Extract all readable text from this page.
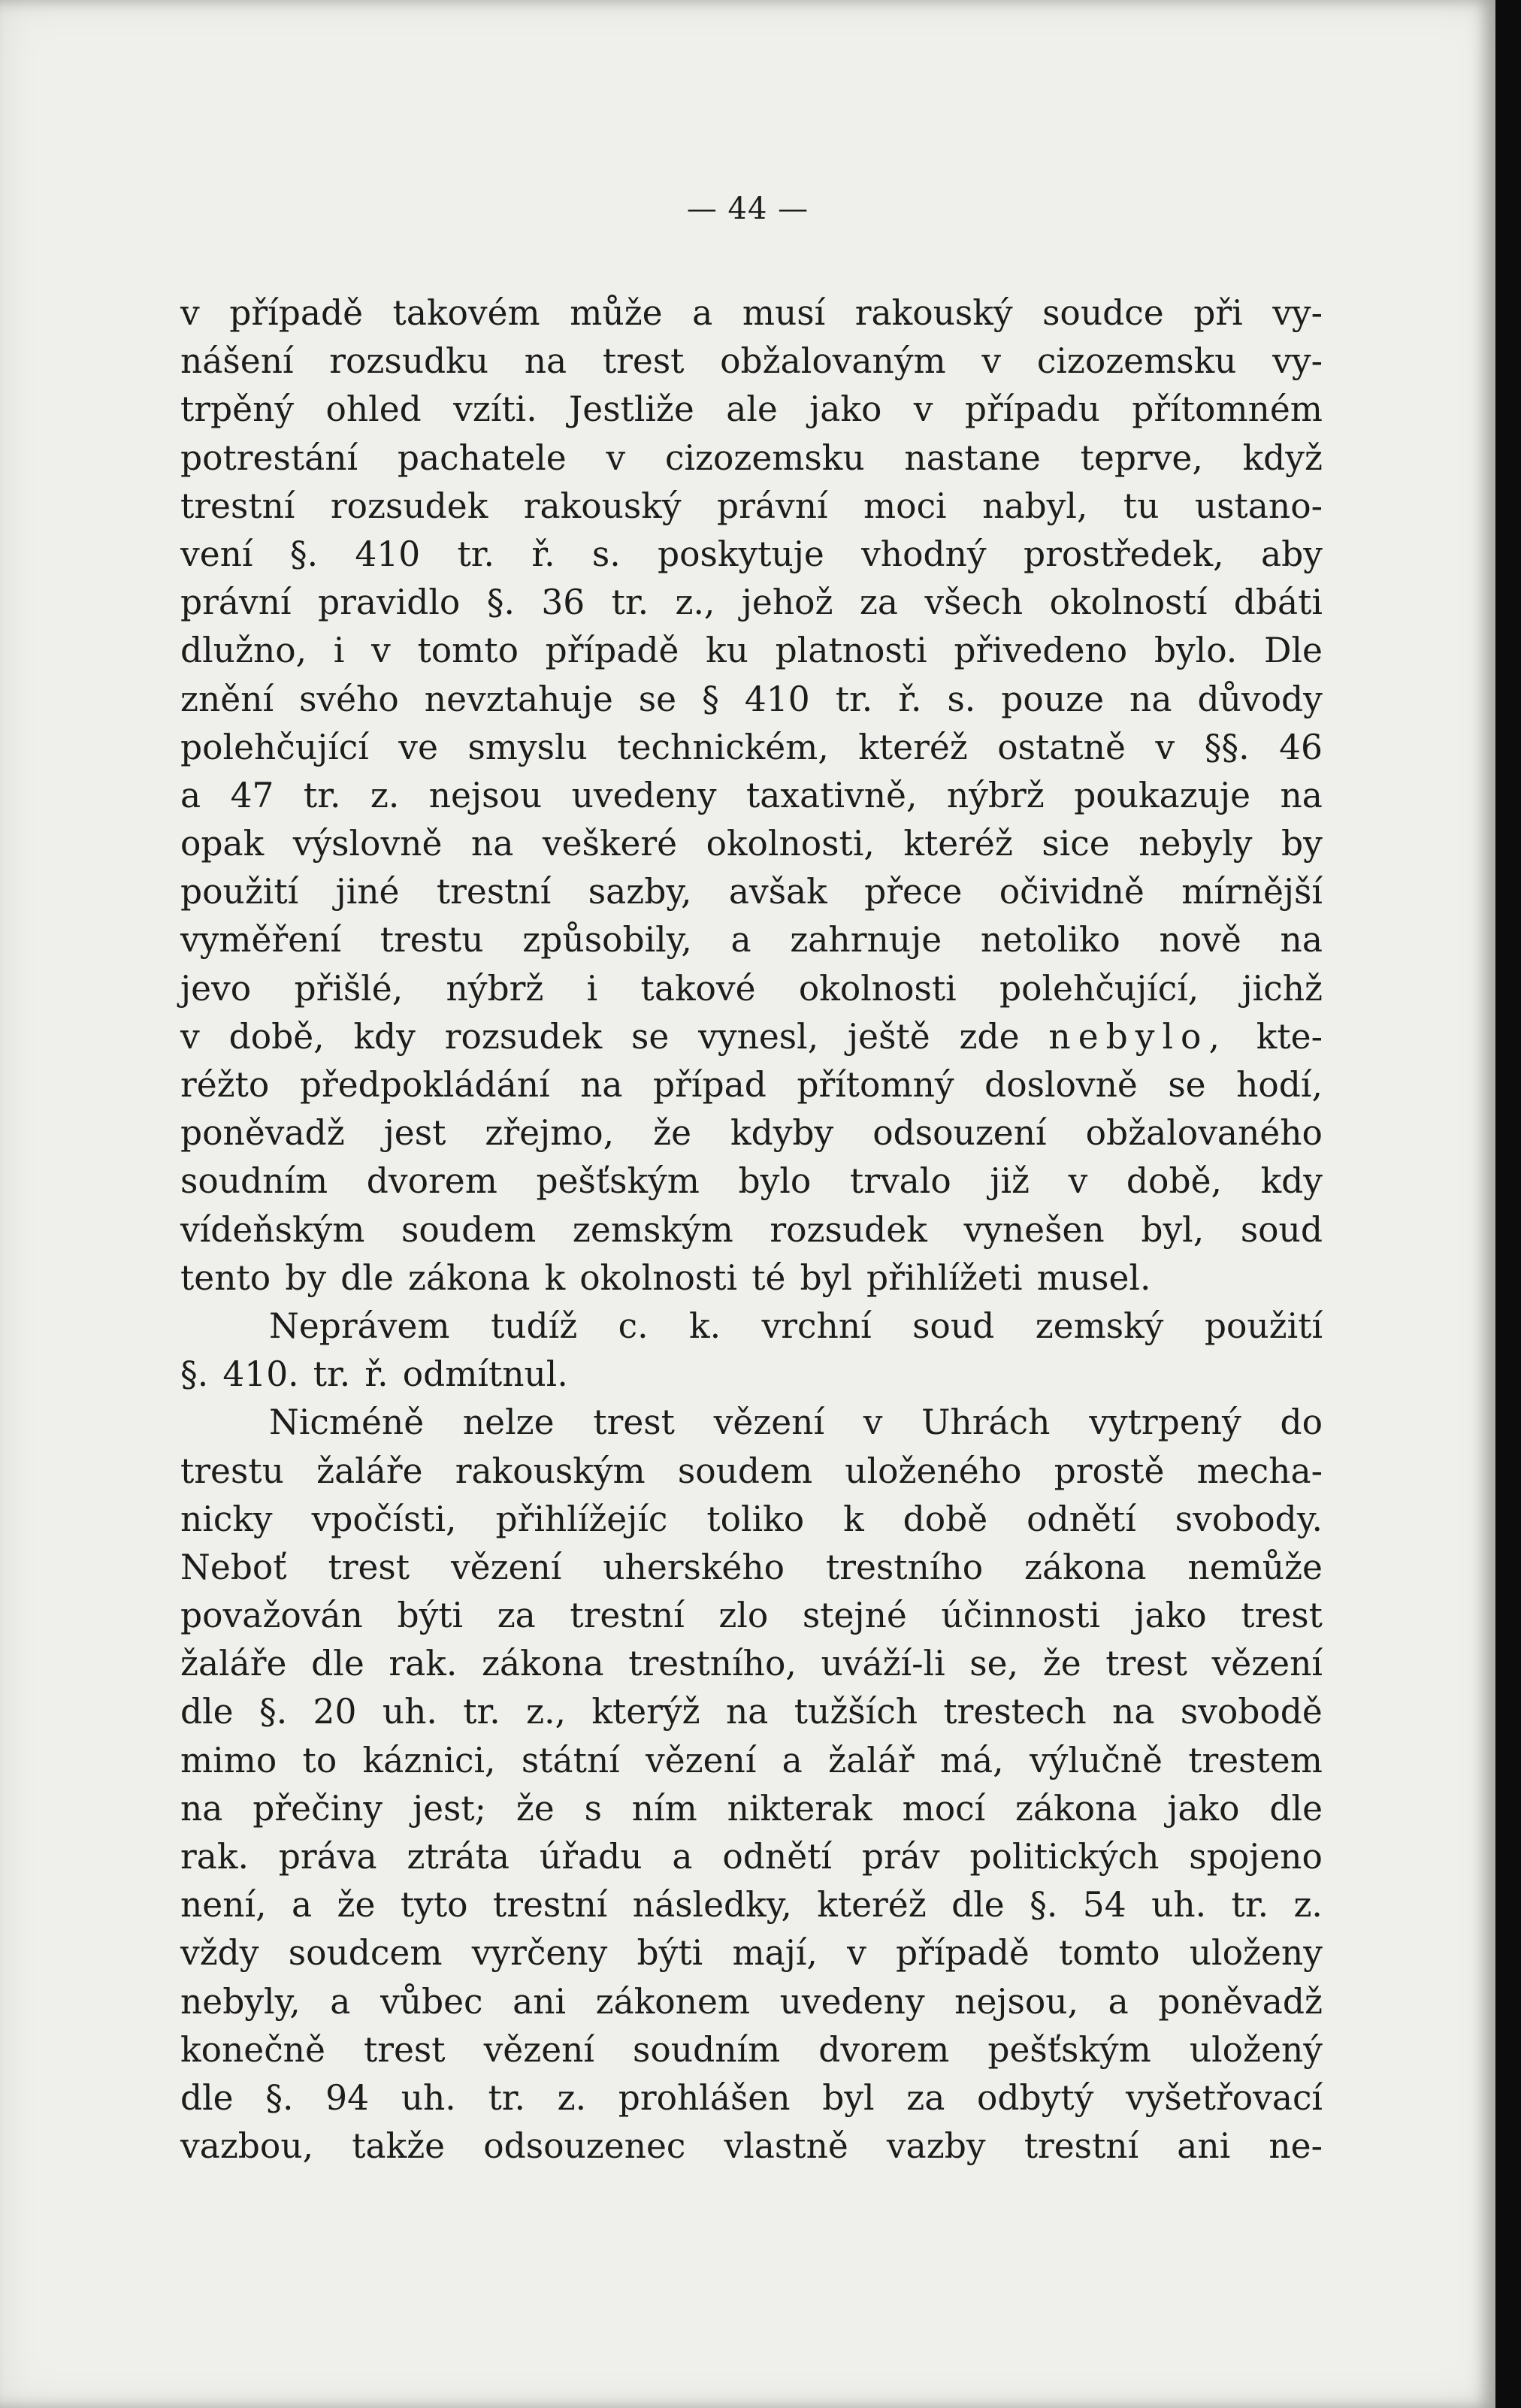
— 44 —
v případě takovém může a musí rakouský soudce při vy-
nášení rozsudku na trest obžalovaným v cizozemsku vy-
trpěný ohled vzíti. Jestliže ale jako v případu přítomném
potrestání pachatele v cizozemsku nastane teprve, když
trestní rozsudek rakouský právní moci nabyl, tu ustano-
vení §. 410 tr. ř. s. poskytuje vhodný prostředek, aby
právní pravidlo §. 36 tr. z., jehož za všech okolností dbáti
dlužno, i v tomto případě ku platnosti přivedeno bylo. Dle
znění svého nevztahuje se § 410 tr. ř. s. pouze na důvody
polehčující ve smyslu technickém, kteréž ostatně v §§. 46
a 47 tr. z. nejsou uvedeny taxativně, nýbrž poukazuje na
opak výslovně na veškeré okolnosti, kteréž sice nebyly by
použití jiné trestní sazby, avšak přece očividně mírnější
vyměření trestu způsobily, a zahrnuje netoliko nově na
jevo přišlé, nýbrž i takové okolnosti polehčující, jichž
v době, kdy rozsudek se vynesl, ještě zde nebylo, kte-
réžto předpokládání na případ přítomný doslovně se hodí,
poněvadž jest zřejmo, že kdyby odsouzení obžalovaného
soudním dvorem pešťským bylo trvalo již v době, kdy
vídeňským soudem zemským rozsudek vynešen byl, soud
tento by dle zákona k okolnosti té byl přihlížeti musel.
Neprávem tudíž c. k. vrchní soud zemský použití
§. 410. tr. ř. odmítnul.
Nicméně nelze trest vězení v Uhrách vytrpený do
trestu žaláře rakouským soudem uloženého prostě mecha-
nicky vpočísti, přihlížejíc toliko k době odnětí svobody.
Neboť trest vězení uherského trestního zákona nemůže
považován býti za trestní zlo stejné účinnosti jako trest
žaláře dle rak. zákona trestního, uváží-li se, že trest vězení
dle §. 20 uh. tr. z., kterýž na tužších trestech na svobodě
mimo to káznici, státní vězení a žalář má, výlučně trestem
na přečiny jest; že s ním nikterak mocí zákona jako dle
rak. práva ztráta úřadu a odnětí práv politických spojeno
není, a že tyto trestní následky, kteréž dle §. 54 uh. tr. z.
vždy soudcem vyrčeny býti mají, v případě tomto uloženy
nebyly, a vůbec ani zákonem uvedeny nejsou, a poněvadž
konečně trest vězení soudním dvorem pešťským uložený
dle §. 94 uh. tr. z. prohlášen byl za odbytý vyšetřovací
vazbou, takže odsouzenec vlastně vazby trestní ani ne-
